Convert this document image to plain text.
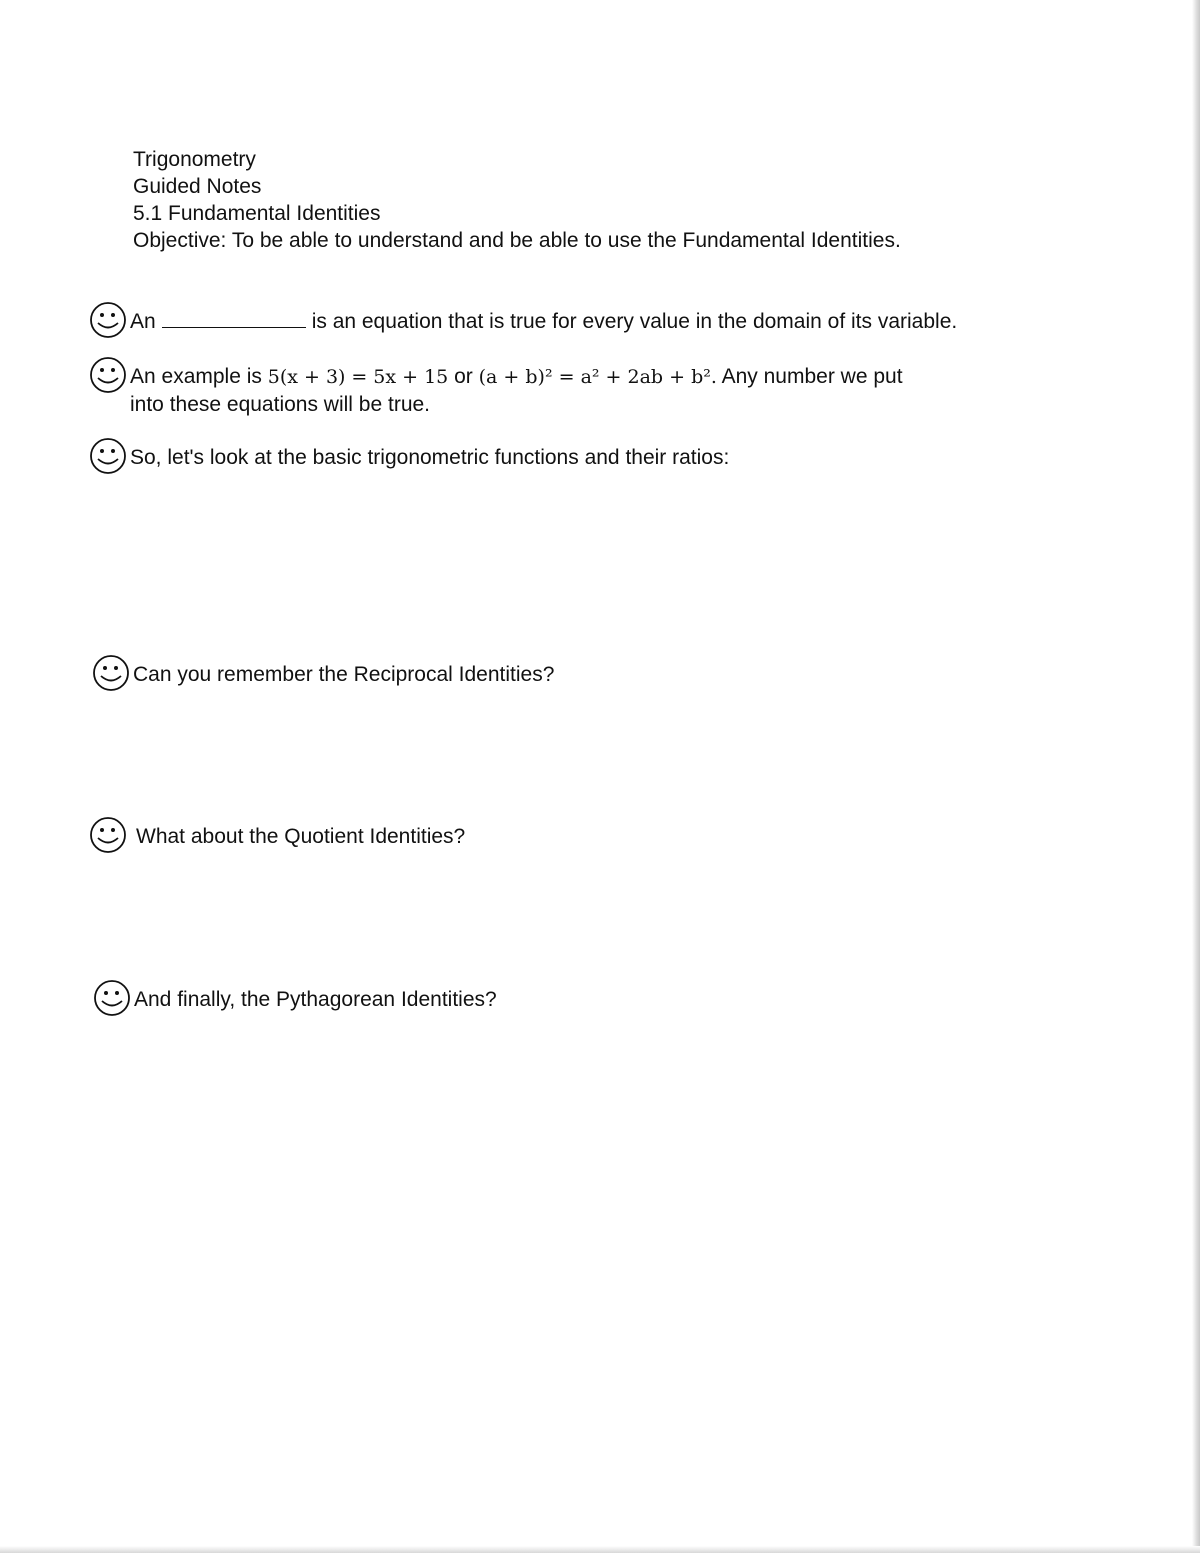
Trigonometry
Guided Notes
5.1 Fundamental Identities
Objective: To be able to understand and be able to use the Fundamental Identities.
An	is an equation that is true for every value in the domain of its variable.
An example is 5(x + 3) = 5x + 15 or (a + b)² = a² + 2ab + b². Any number we put
into these equations will be true.
So, let's look at the basic trigonometric functions and their ratios:
Can you remember the Reciprocal Identities?
What about the Quotient Identities?
And finally, the Pythagorean Identities?
